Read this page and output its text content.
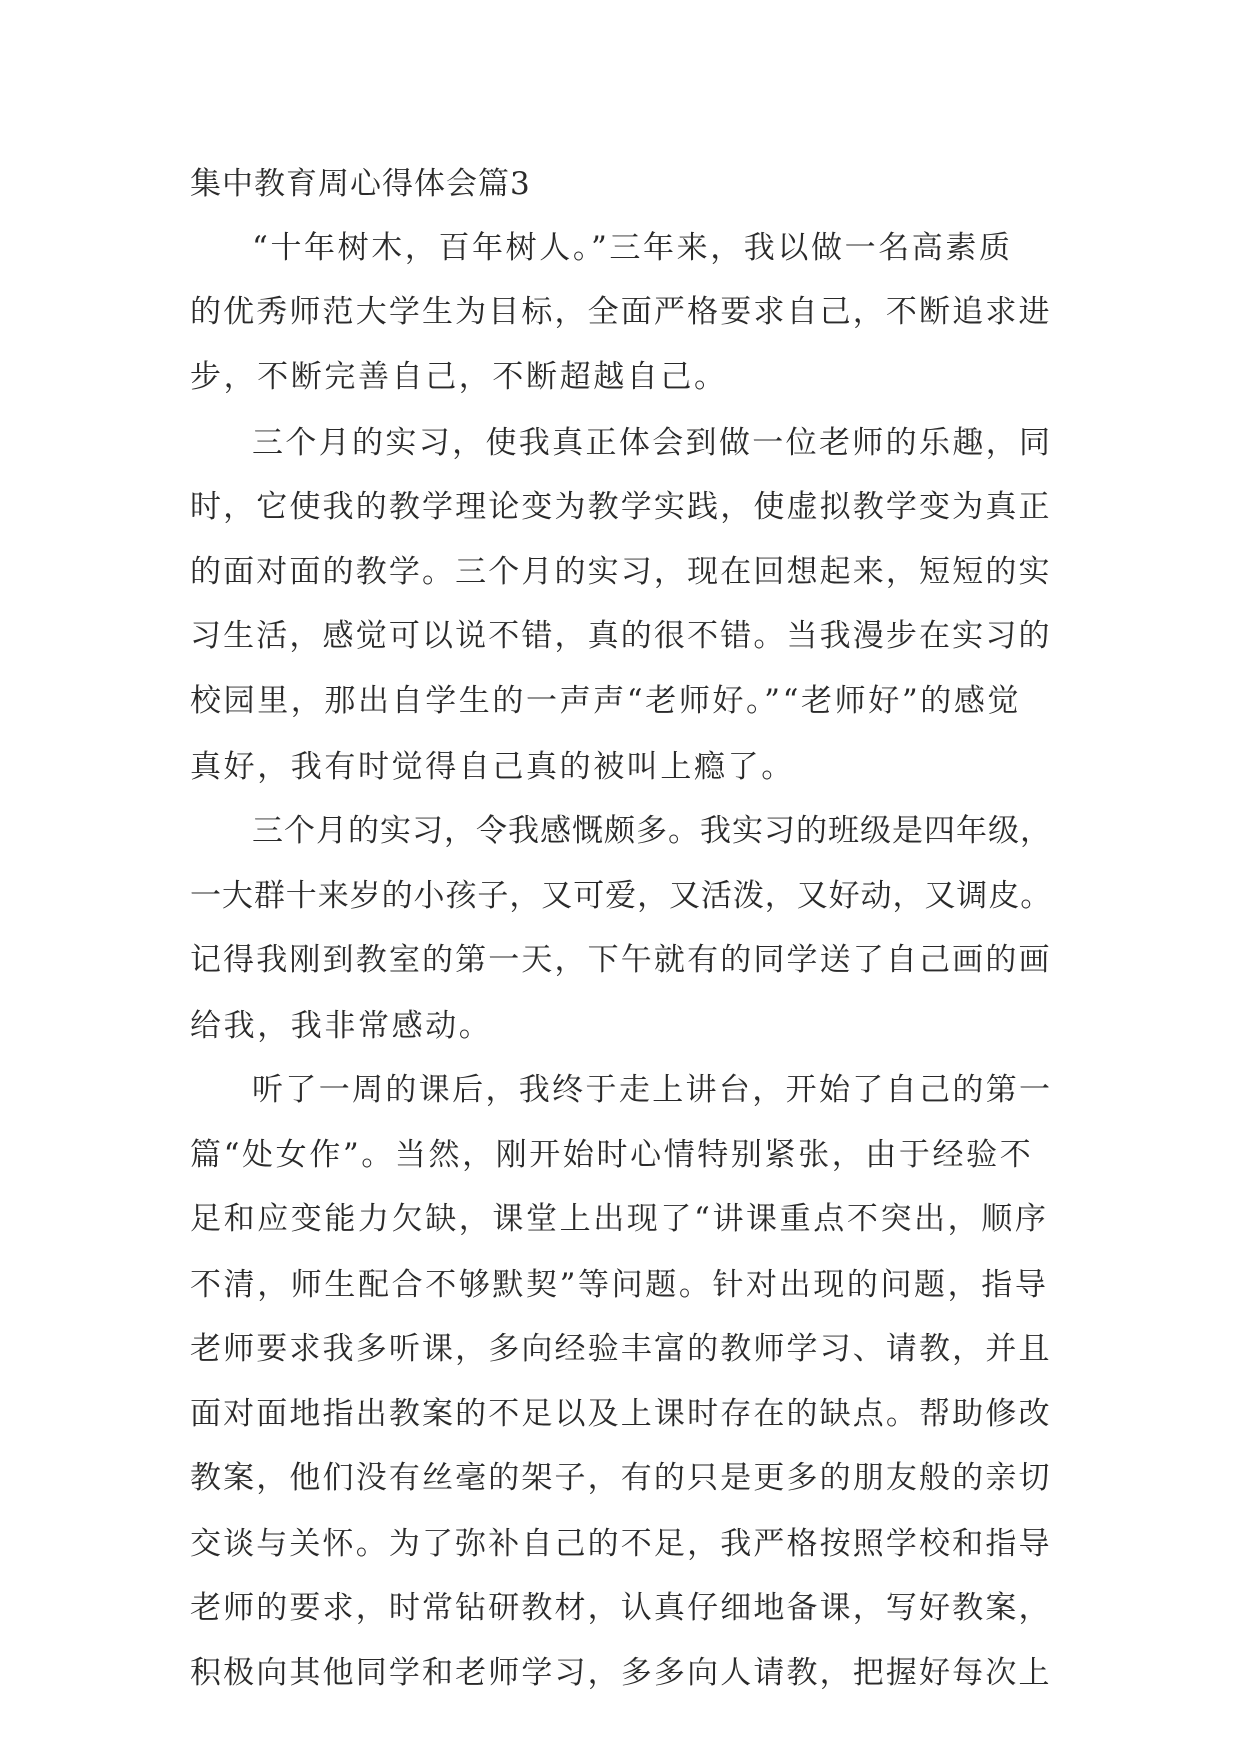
集中教育周心得体会篇3
“十年树木，百年树人。”三年来，我以做一名高素质
的优秀师范大学生为目标，全面严格要求自己，不断追求进
步，不断完善自己，不断超越自己。
三个月的实习，使我真正体会到做一位老师的乐趣，同
时，它使我的教学理论变为教学实践，使虚拟教学变为真正
的面对面的教学。三个月的实习，现在回想起来，短短的实
习生活，感觉可以说不错，真的很不错。当我漫步在实习的
校园里，那出自学生的一声声“老师好。”“老师好”的感觉
真好，我有时觉得自己真的被叫上瘾了。
三个月的实习，令我感慨颇多。我实习的班级是四年级，
一大群十来岁的小孩子，又可爱，又活泼，又好动，又调皮。
记得我刚到教室的第一天，下午就有的同学送了自己画的画
给我，我非常感动。
听了一周的课后，我终于走上讲台，开始了自己的第一
篇“处女作”。当然，刚开始时心情特别紧张，由于经验不
足和应变能力欠缺，课堂上出现了“讲课重点不突出，顺序
不清，师生配合不够默契”等问题。针对出现的问题，指导
老师要求我多听课，多向经验丰富的教师学习、请教，并且
面对面地指出教案的不足以及上课时存在的缺点。帮助修改
教案，他们没有丝毫的架子，有的只是更多的朋友般的亲切
交谈与关怀。为了弥补自己的不足，我严格按照学校和指导
老师的要求，时常钻研教材，认真仔细地备课，写好教案，
积极向其他同学和老师学习，多多向人请教，把握好每次上
